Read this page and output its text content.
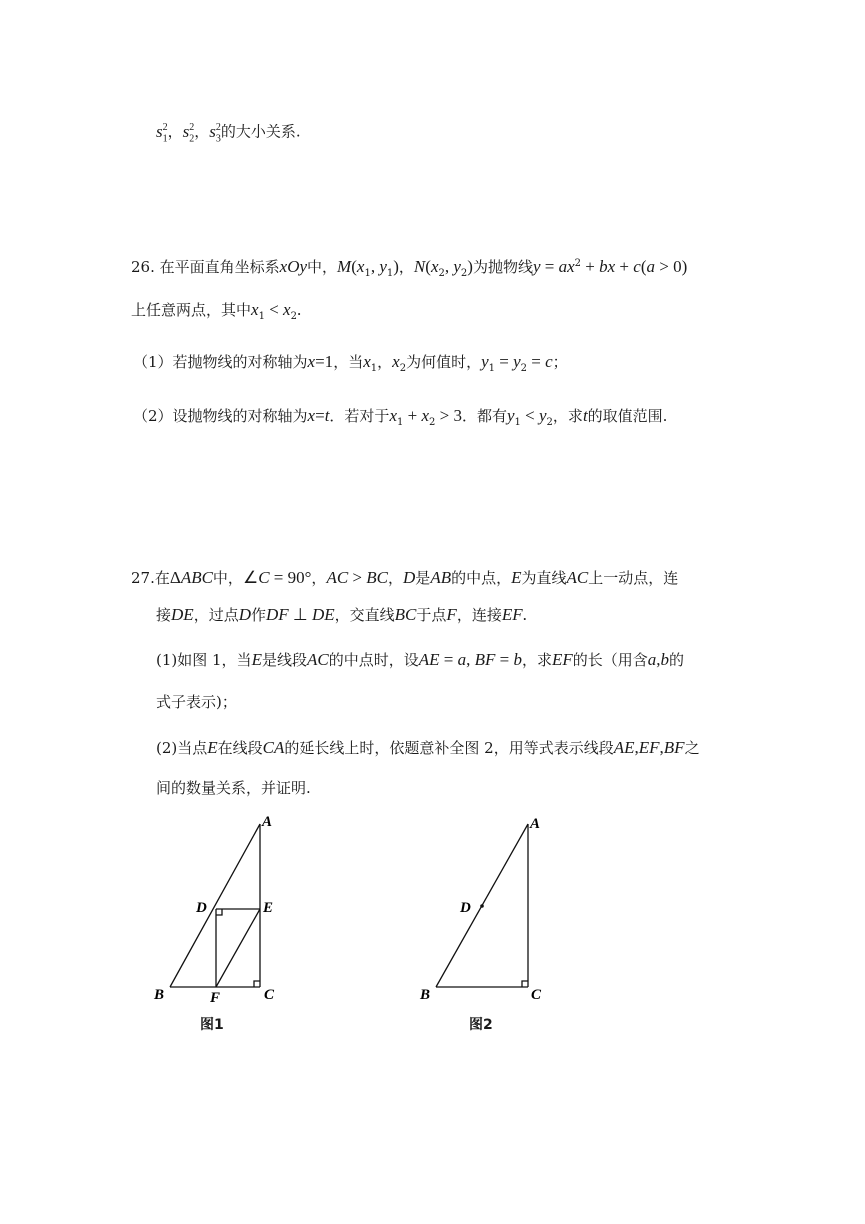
$s_1^2$，$s_2^2$，$s_3^2$的大小关系.
26. 在平面直角坐标系xOy中，$M(x_1$, $y_1$)，$N(x_2$, $y_2$)为抛物线$y = ax^2$ + bx + c(a > 0)
上任意两点，其中$x_1 < x_2$.
（1）若抛物线的对称轴为x=1，当$x_1$，$x_2$为何值时，$y_1 = y_2 = c$；
（2）设抛物线的对称轴为x=t．若对于$x_1 + x_2 > 3$．都有$y_1 < y_2$，求t的取值范围.
27.在ΔABC中，∠C = 90°，AC > BC，D是AB的中点，E为直线AC上一动点，连
接DE，过点D作DF ⊥ DE，交直线BC于点F，连接EF.
(1)如图 1，当E是线段AC的中点时，设AE = a, BF = b，求EF的长（用含a,b的
式子表示)；
(2)当点E在线段CA的延长线上时，依题意补全图 2，用等式表示线段AE,EF,BF之
间的数量关系，并证明.
A
B	C
D	E
F
图1
A
B	C
D
图2
